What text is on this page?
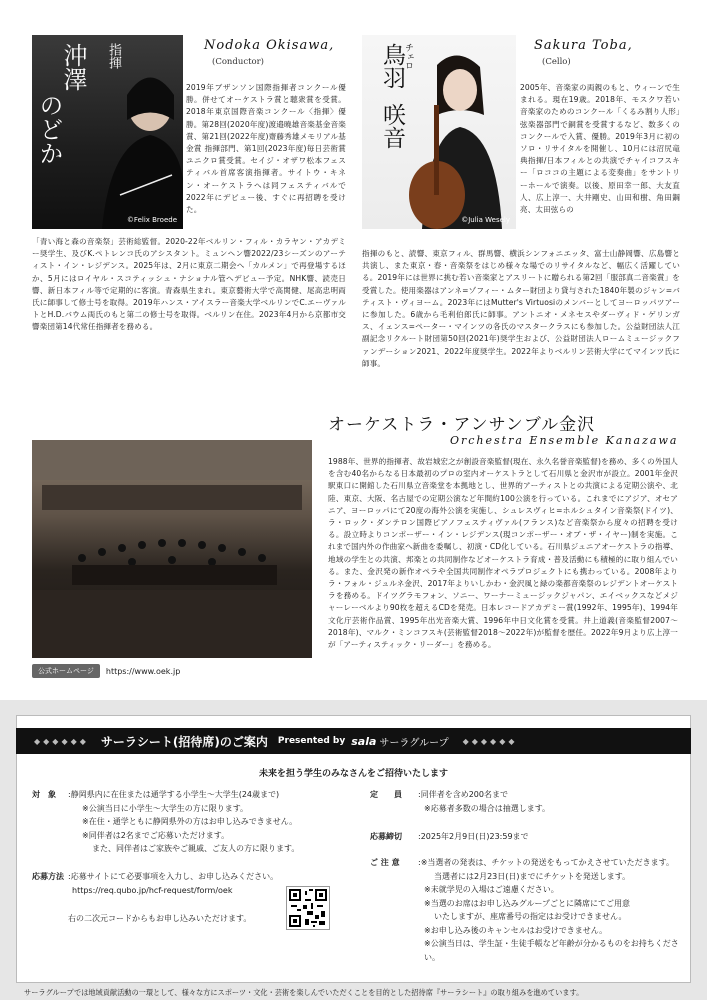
指揮
沖澤
のどか
©Felix Broede
Nodoka Okisawa,
(Conductor)
2019年ブザンソン国際指揮者コンクール優勝。併せてオーケストラ賞と聴衆賞を受賞。2018年東京国際音楽コンクール〈指揮〉優勝。第28回(2020年度)渡邉曉雄音楽基金音楽賞、第21回(2022年度)齋藤秀雄メモリアル基金賞 指揮部門、第1回(2023年度)毎日芸術賞ユニクロ賞受賞。セイジ・オザワ松本フェスティバル首席客演指揮者。サイトウ・キネン・オーケストラへは同フェスティバルで2022年にデビュー後、すぐに再招聘を受けた。
「青い海と森の音楽祭」芸術総監督。2020-22年ベルリン・フィル・カラヤン・アカデミー奨学生、及びK.ペトレンコ氏のアシスタント。ミュンヘン響2022/23シーズンのアーティスト・イン・レジデンス。2025年は、2月に東京二期会へ「カルメン」で再登場するほか、5月にはロイヤル・スコティッシュ・ナショナル管へデビュー予定。NHK響、読売日響、新日本フィル等で定期的に客演。青森県生まれ。東京藝術大学で高関健、尾高忠明両氏に師事して修士号を取得。2019年ハンス・アイスラー音楽大学ベルリンでC.エーヴァルトとH.D.バウム両氏のもと第二の修士号を取得。ベルリン在住。2023年4月から京都市交響楽団第14代常任指揮者を務める。
チェロ
鳥羽
咲音
©Julia Wesely
Sakura Toba,
(Cello)
2005年、音楽家の両親のもと、ウィーンで生まれる。現在19歳。2018年、モスクワ若い音楽家のためのコンクール「くるみ割り人形」弦楽器部門で銅賞を受賞するなど、数多くのコンクールで入賞、優勝。2019年3月に初のソロ・リサイタルを開催し、10月には沼尻竜典指揮/日本フィルとの共演でチャイコフスキー「ロココの主題による変奏曲」をサントリーホールで演奏。以後、原田幸一郎、大友直人、広上淳一、大井剛史、山田和樹、角田鋼亮、太田弦らの
指揮のもと、読響、東京フィル、群馬響、横浜シンフォニエッタ、富士山静岡響、広島響と共演し、また東京・春・音楽祭をはじめ様々な場でのリサイタルなど、幅広く活躍している。2019年には世界に挑む若い音楽家とアスリートに贈られる第2回「服部真二音楽賞」を受賞した。使用楽器はアンネ=ゾフィー・ムター財団より貸与された1840年製のジャン=バティスト・ヴィヨーム。2023年にはMutter's Virtuosiのメンバーとしてヨーロッパツアーに参加した。6歳から毛利伯郎氏に師事。アントニオ・メネセスやダーヴィド・ゲリンガス、イェンス=ペーター・マインツの各氏のマスタークラスにも参加した。公益財団法人江副記念リクルート財団第50回(2021年)奨学生および、公益財団法人ロームミュージックファンデーション2021、2022年度奨学生。2022年よりベルリン芸術大学にてマインツ氏に師事。
オーケストラ・アンサンブル金沢
Orchestra Ensemble Kanazawa
公式ホームページ	https://www.oek.jp
1988年、世界的指揮者、故岩城宏之が創設音楽監督(現在、永久名誉音楽監督)を務め、多くの外国人を含む40名からなる日本最初のプロの室内オーケストラとして石川県と金沢市が設立。2001年金沢駅東口に開館した石川県立音楽堂を本拠地とし、世界的アーティストとの共演による定期公演や、北陸、東京、大阪、名古屋での定期公演など年間約100公演を行っている。これまでにアジア、オセアニア、ヨーロッパにて20度の海外公演を実施し、シュレスヴィヒ=ホルシュタイン音楽祭(ドイツ)、ラ・ロック・ダンテロン国際ピアノフェスティヴァル(フランス)など音楽祭から度々の招聘を受ける。設立時よりコンポーザー・イン・レジデンス(現コンポーザー・オブ・ザ・イヤー)制を実施。これまで国内外の作曲家へ新曲を委嘱し、初演・CD化している。石川県ジュニアオーケストラの指導、地域の学生との共演、邦楽との共同制作などオーケストラ育成・普及活動にも積極的に取り組んでいる。また、金沢発の新作オペラや全国共同制作オペラプロジェクトにも携わっている。2008年よりラ・フォル・ジュルネ金沢、2017年よりいしかわ・金沢風と緑の楽都音楽祭のレジデントオーケストラを務める。ドイツグラモフォン、ソニー、ワーナーミュージックジャパン、エイベックスなどメジャーレーベルより90枚を超えるCDを発売。日本レコードアカデミー賞(1992年、1995年)、1994年文化庁芸術作品賞、1995年出光音楽大賞、1996年中日文化賞を受賞。井上道義(音楽監督2007〜2018年)、マルク・ミンコフスキ(芸術監督2018〜2022年)が監督を歴任。2022年9月より広上淳一が「アーティスティック・リーダー」を務める。
◆◆◆◆◆◆ サーラシート(招待席)のご案内 Presented by sala サーラグループ ◆◆◆◆◆◆
未来を担う学生のみなさんをご招待いたします
対　象 :静岡県内に在住または通学する小学生〜大学生(24歳まで)
※公演当日に小学生〜大学生の方に限ります。
※在住・通学ともに静岡県外の方はお申し込みできません。
※同伴者は2名までご応募いただけます。
また、同伴者はご家族やご親戚、ご友人の方に限ります。
応募方法 :応募サイトにて必要事項を入力し、お申し込みください。
https://req.qubo.jp/hcf-request/form/oek
右の二次元コードからもお申し込みいただけます。
定　　員 :同伴者を含め200名まで
※応募者多数の場合は抽選します。
応募締切 :2025年2月9日(日)23:59まで
ご 注 意 :※当選者の発表は、チケットの発送をもってかえさせていただきます。
当選者には2月23日(日)までにチケットを発送します。
※未就学児の入場はご遠慮ください。
※当選のお席はお申し込みグループごとに隣席にてご用意
いたしますが、座席番号の指定はお受けできません。
※お申し込み後のキャンセルはお受けできません。
※公演当日は、学生証・生徒手帳など年齢が分かるものをお持ちください。
サーラグループでは地域貢献活動の一環として、様々な方にスポーツ・文化・芸術を楽しんでいただくことを目的とした招待席『サーラシート』の取り組みを進めています。
